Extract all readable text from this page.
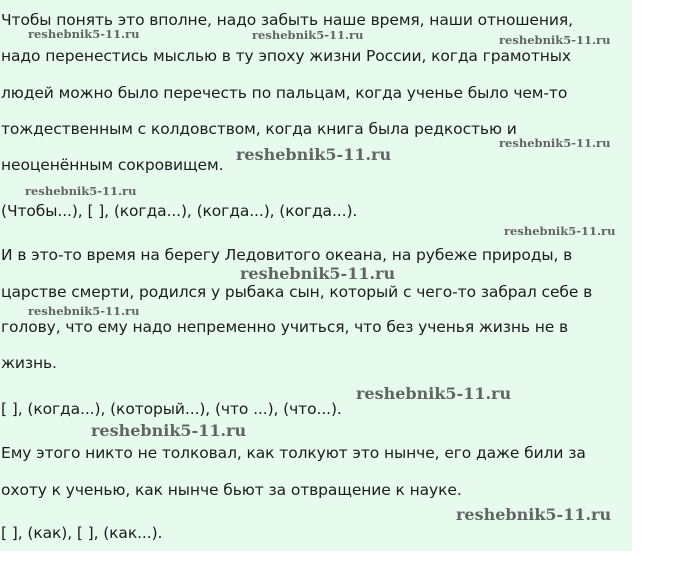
Чтобы понять это вполне, надо забыть наше время, наши отношения,
надо перенестись мыслью в ту эпоху жизни России, когда грамотных
людей можно было перечесть по пальцам, когда ученье было чем-то
тождественным с колдовством, когда книга была редкостью и
неоценённым сокровищем.
(Чтобы...), [ ], (когда...), (когда...), (когда...).
И в это-то время на берегу Ледовитого океана, на рубеже природы, в
царстве смерти, родился у рыбака сын, который с чего-то забрал себе в
голову, что ему надо непременно учиться, что без ученья жизнь не в
жизнь.
[ ], (когда...), (который...), (что ...), (что...).
Ему этого никто не толковал, как толкуют это нынче, его даже били за
охоту к ученью, как нынче бьют за отвращение к науке.
[ ], (как), [ ], (как...).
reshebnik5-11.ru	reshebnik5-11.ru	reshebnik5-11.ru
reshebnik5-11.ru
reshebnik5-11.ru
reshebnik5-11.ru
reshebnik5-11.ru
reshebnik5-11.ru
reshebnik5-11.ru
reshebnik5-11.ru
reshebnik5-11.ru
reshebnik5-11.ru
